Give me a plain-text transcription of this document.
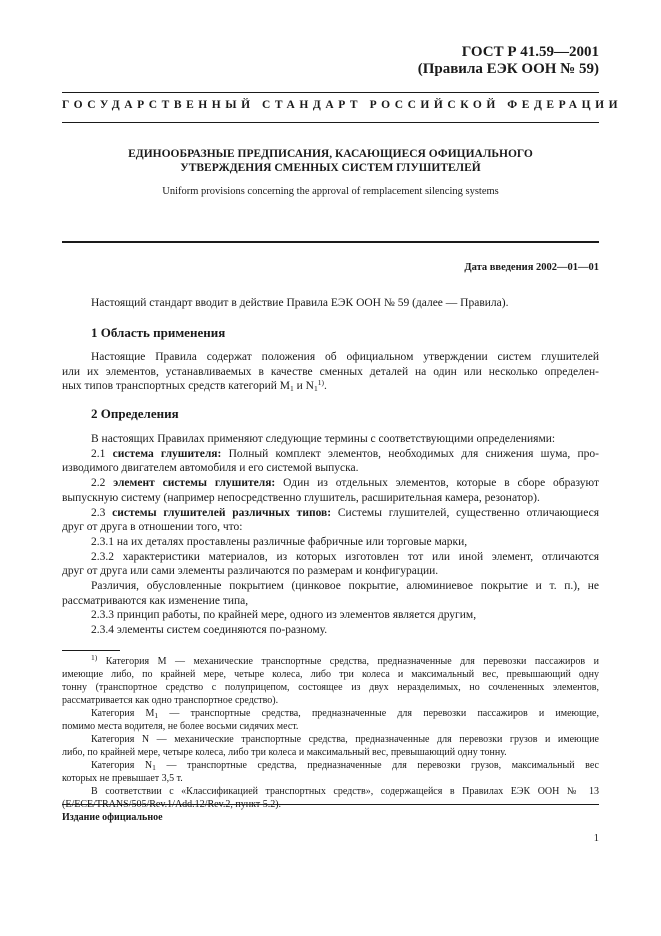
ГОСТ Р 41.59—2001
(Правила ЕЭК ООН № 59)
ГОСУДАРСТВЕННЫЙ СТАНДАРТ РОССИЙСКОЙ ФЕДЕРАЦИИ
ЕДИНООБРАЗНЫЕ ПРЕДПИСАНИЯ, КАСАЮЩИЕСЯ ОФИЦИАЛЬНОГО
УТВЕРЖДЕНИЯ СМЕННЫХ СИСТЕМ ГЛУШИТЕЛЕЙ
Uniform provisions concerning the approval of remplacement silencing systems
Дата введения 2002—01—01

Настоящий стандарт вводит в действие Правила ЕЭК ООН № 59 (далее — Правила).

1 Область применения

Настоящие Правила содержат положения об официальном утверждении систем глушителей

или их элементов, устанавливаемых в качестве сменных деталей на один или несколько определен-

ных типов транспортных средств категорий $M_1$ и $N_1^{1)}$.

2 Определения

В настоящих Правилах применяют следующие термины с соответствующими определениями:

2.1 система глушителя: Полный комплект элементов, необходимых для снижения шума, про-

изводимого двигателем автомобиля и его системой выпуска.

2.2 элемент системы глушителя: Один из отдельных элементов, которые в сборе образуют

выпускную систему (например непосредственно глушитель, расширительная камера, резонатор).

2.3 системы глушителей различных типов: Системы глушителей, существенно отличающиеся

друг от друга в отношении того, что:

2.3.1 на их деталях проставлены различные фабричные или торговые марки,

2.3.2 характеристики материалов, из которых изготовлен тот или иной элемент, отличаются

друг от друга или сами элементы различаются по размерам и конфигурации.

Различия, обусловленные покрытием (цинковое покрытие, алюминиевое покрытие и т. п.), не

рассматриваются как изменение типа,

2.3.3 принцип работы, по крайней мере, одного из элементов является другим,

2.3.4 элементы систем соединяются по-разному.

$^{1)}$ Категория M — механические транспортные средства, предназначенные для перевозки пассажиров и

имеющие либо, по крайней мере, четыре колеса, либо три колеса и максимальный вес, превышающий одну

тонну (транспортное средство с полуприцепом, состоящее из двух неразделимых, но сочлененных элементов,

рассматривается как одно транспортное средство).

Категория $M_1$ — транспортные средства, предназначенные для перевозки пассажиров и имеющие,

помимо места водителя, не более восьми сидячих мест.

Категория N — механические транспортные средства, предназначенные для перевозки грузов и имеющие

либо, по крайней мере, четыре колеса, либо три колеса и максимальный вес, превышающий одну тонну.

Категория $N_1$ — транспортные средства, предназначенные для перевозки грузов, максимальный вес

которых не превышает 3,5 т.

В соответствии с «Классификацией транспортных средств», содержащейся в Правилах ЕЭК ООН № 13

(E/ECE/TRANS/505/Rev.1/Add.12/Rev.2, пункт 5.2).

Издание официальное
1
